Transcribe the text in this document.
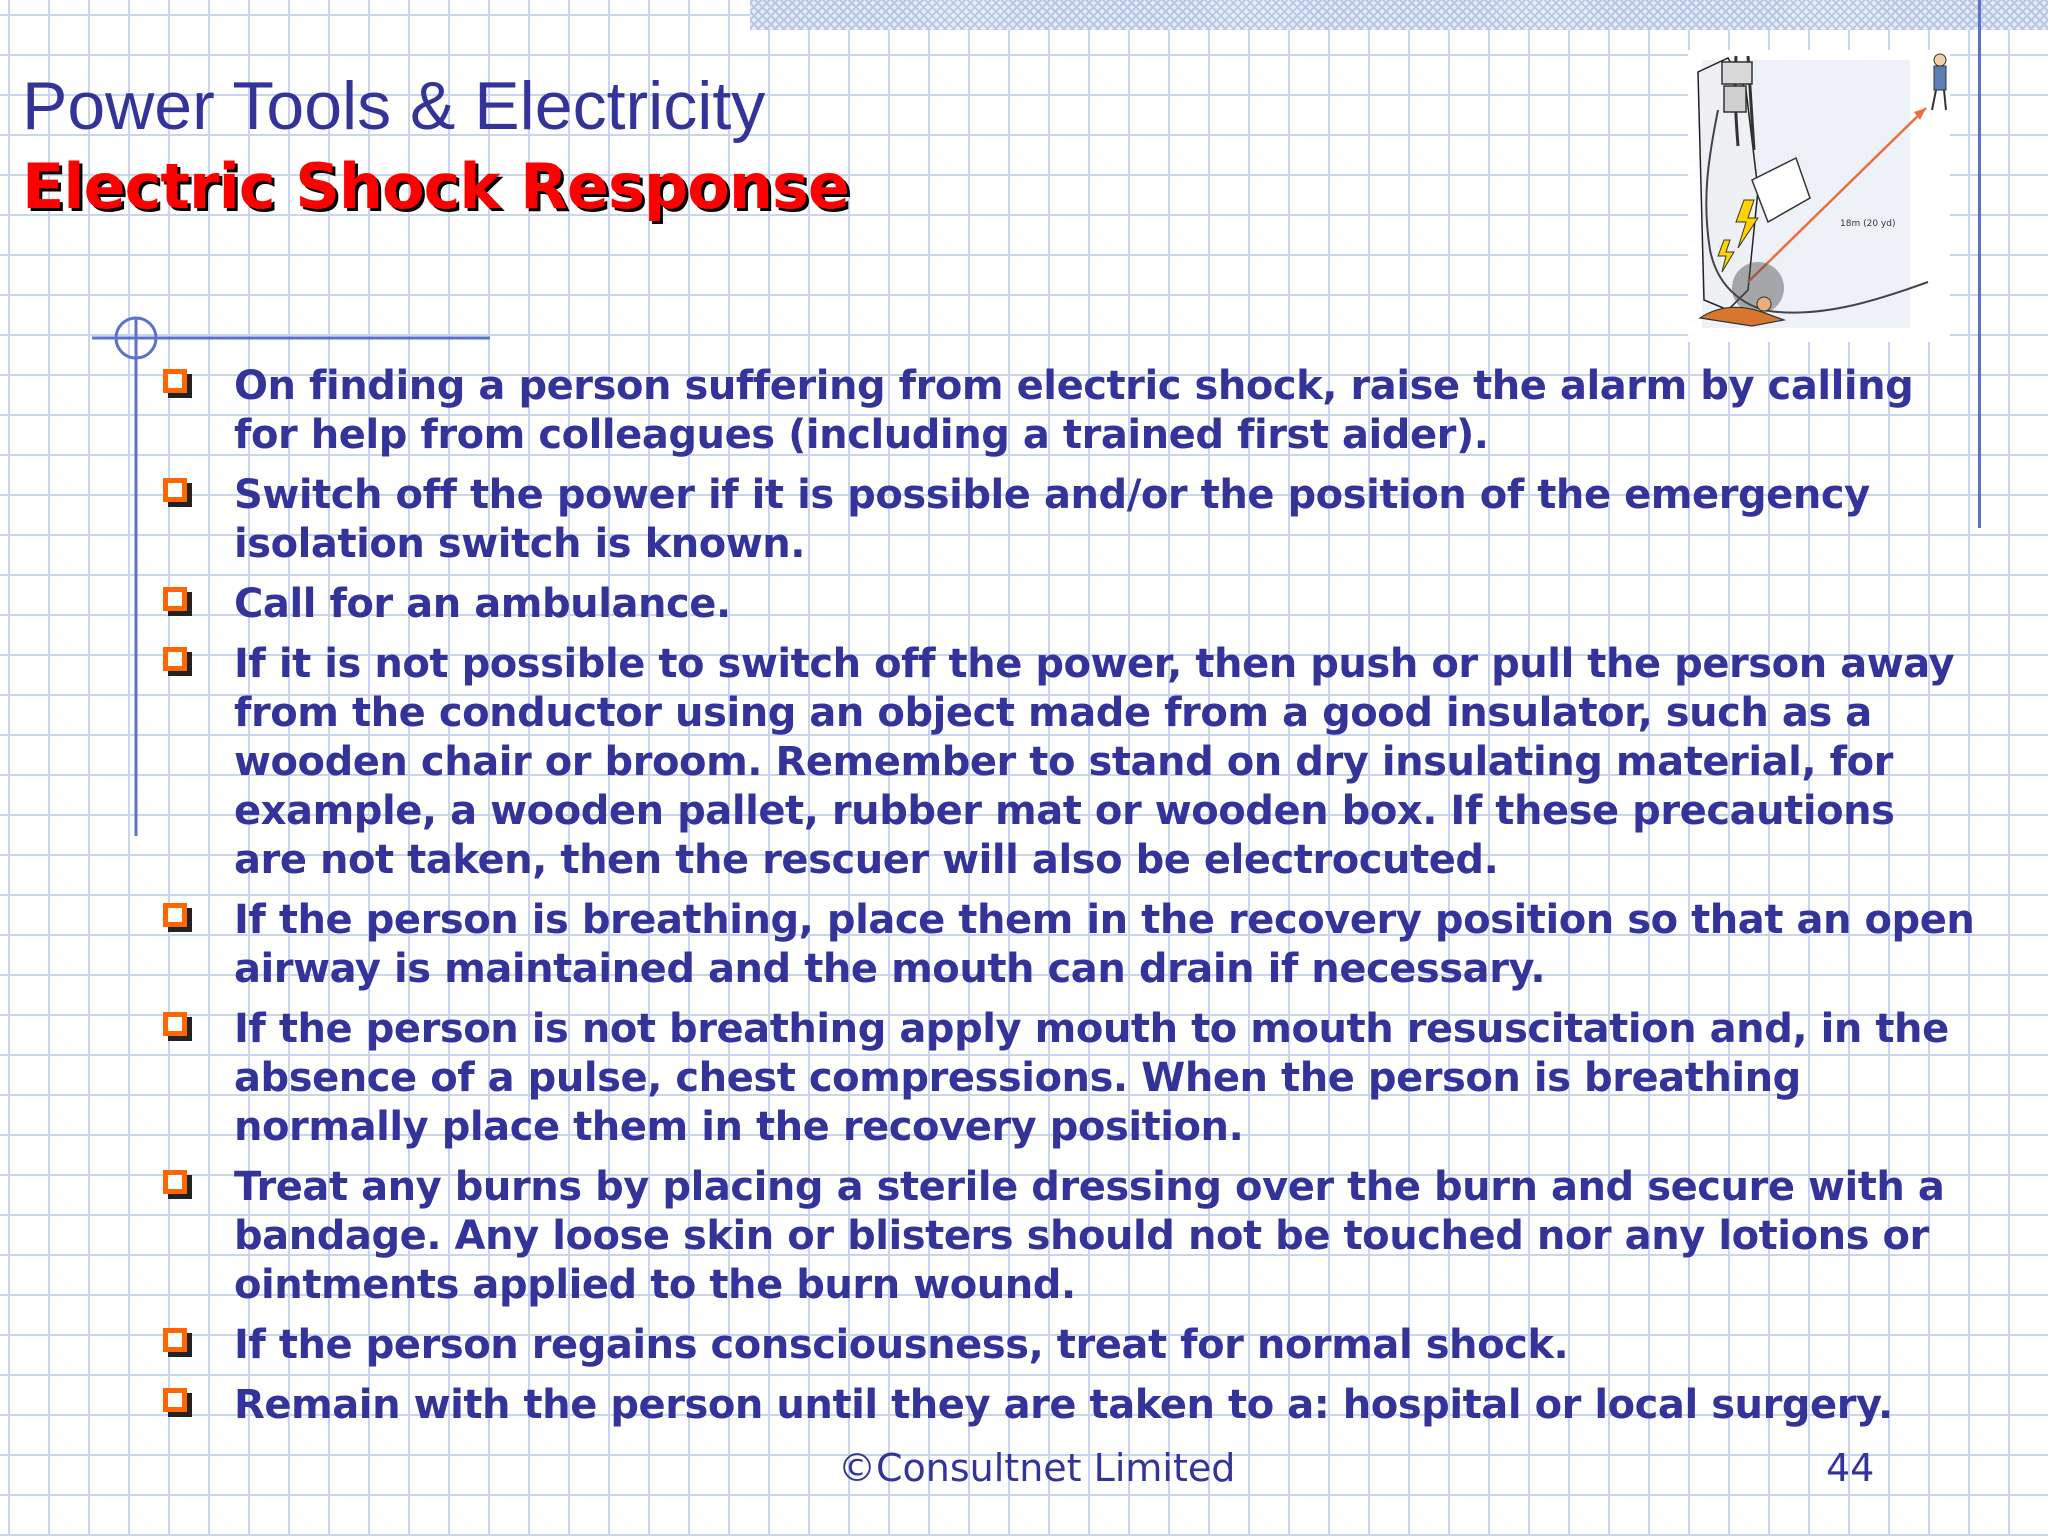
Power Tools & Electricity
Electric Shock Response
18m (20 yd)
On finding a person suffering from electric shock, raise the alarm by calling
for help from colleagues (including a trained first aider).
Switch off the power if it is possible and/or the position of the emergency
isolation switch is known.
Call for an ambulance.
If it is not possible to switch off the power, then push or pull the person away
from the conductor using an object made from a good insulator, such as a
wooden chair or broom. Remember to stand on dry insulating material, for
example, a wooden pallet, rubber mat or wooden box. If these precautions
are not taken, then the rescuer will also be electrocuted.
If the person is breathing, place them in the recovery position so that an open
airway is maintained and the mouth can drain if necessary.
If the person is not breathing apply mouth to mouth resuscitation and, in the
absence of a pulse, chest compressions. When the person is breathing
normally place them in the recovery position.
Treat any burns by placing a sterile dressing over the burn and secure with a
bandage. Any loose skin or blisters should not be touched nor any lotions or
ointments applied to the burn wound.
If the person regains consciousness, treat for normal shock.
Remain with the person until they are taken to a: hospital or local surgery.
©Consultnet Limited	44
